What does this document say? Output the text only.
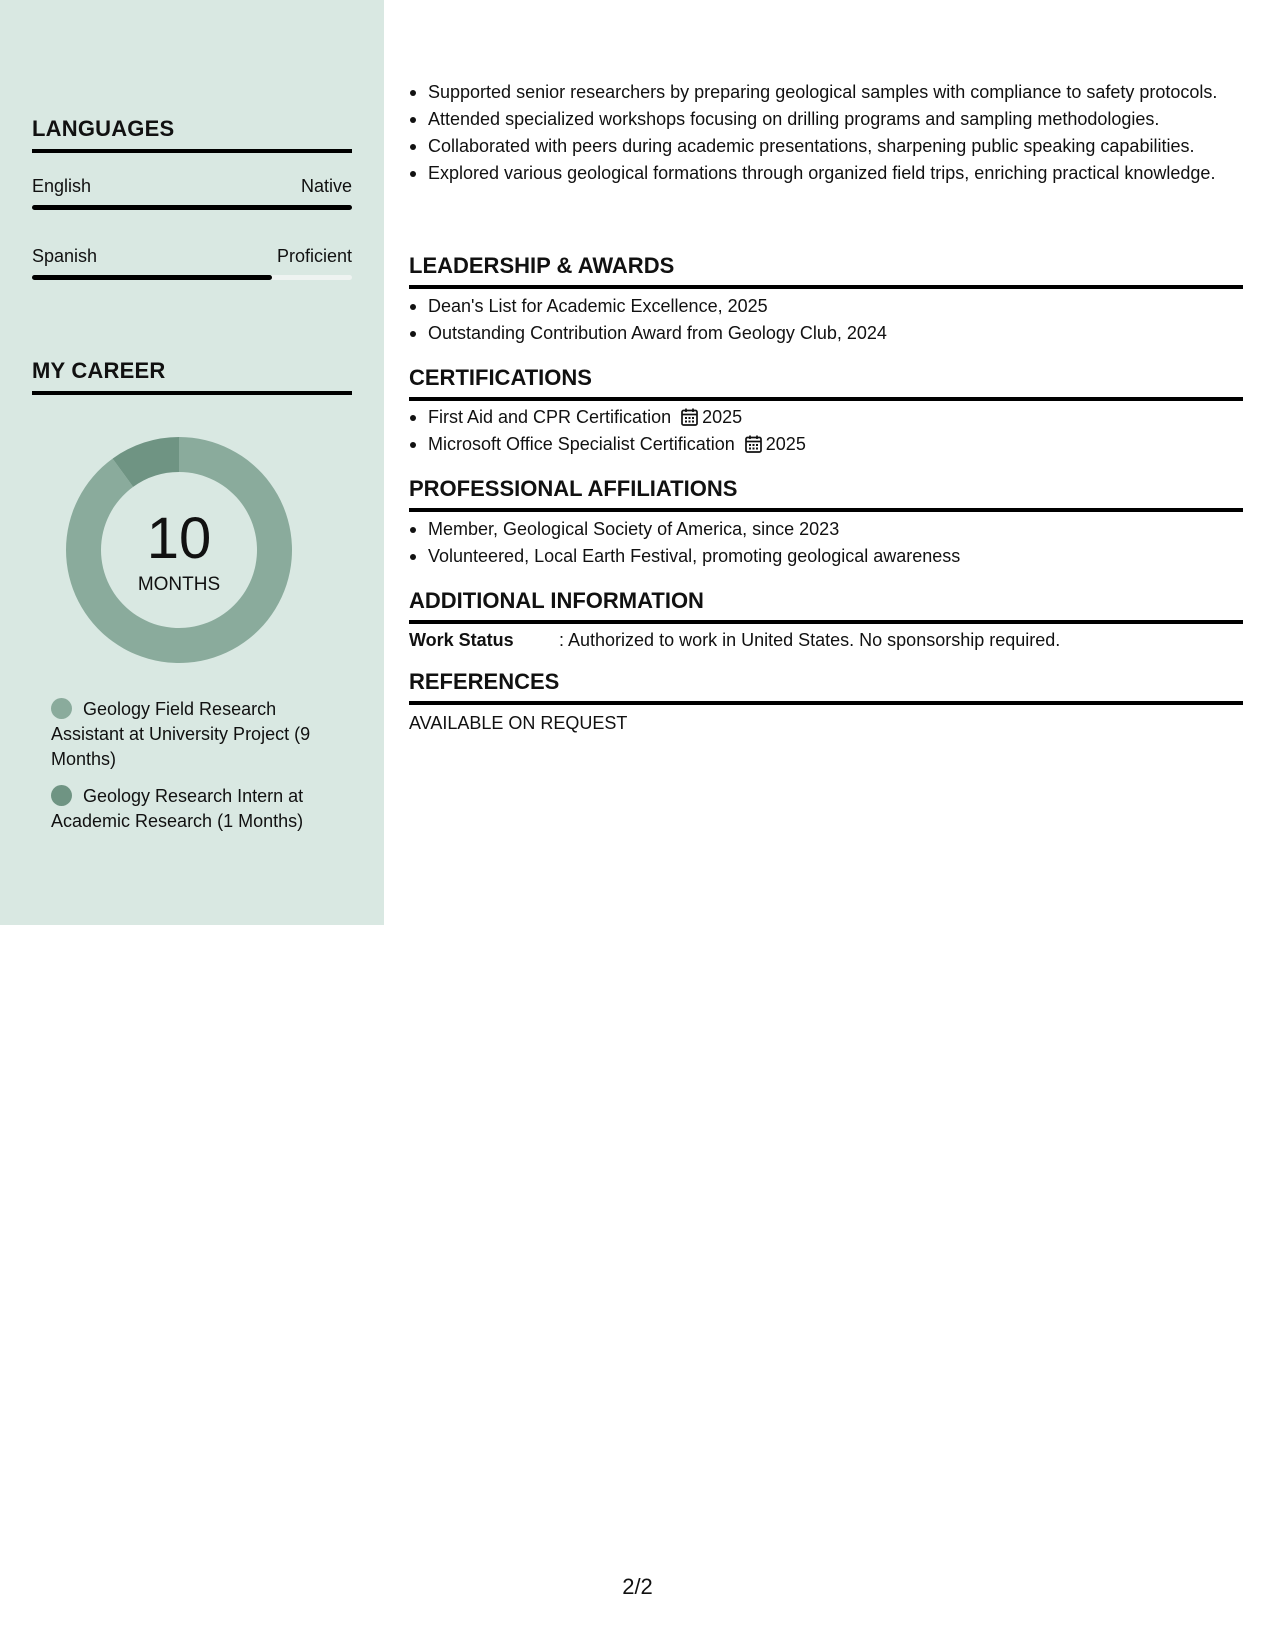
LANGUAGES
English	Native
Spanish	Proficient
MY CAREER
10
MONTHS
Geology Field Research Assistant at University Project (9 Months)
Geology Research Intern at Academic Research (1 Months)
Supported senior researchers by preparing geological samples with compliance to safety protocols.
Attended specialized workshops focusing on drilling programs and sampling methodologies.
Collaborated with peers during academic presentations, sharpening public speaking capabilities.
Explored various geological formations through organized field trips, enriching practical knowledge.
LEADERSHIP & AWARDS
Dean's List for Academic Excellence, 2025
Outstanding Contribution Award from Geology Club, 2024
CERTIFICATIONS
First Aid and CPR Certification 2025
Microsoft Office Specialist Certification 2025
PROFESSIONAL AFFILIATIONS
Member, Geological Society of America, since 2023
Volunteered, Local Earth Festival, promoting geological awareness
ADDITIONAL INFORMATION
Work Status	: Authorized to work in United States. No sponsorship required.
REFERENCES
AVAILABLE ON REQUEST
2/2
